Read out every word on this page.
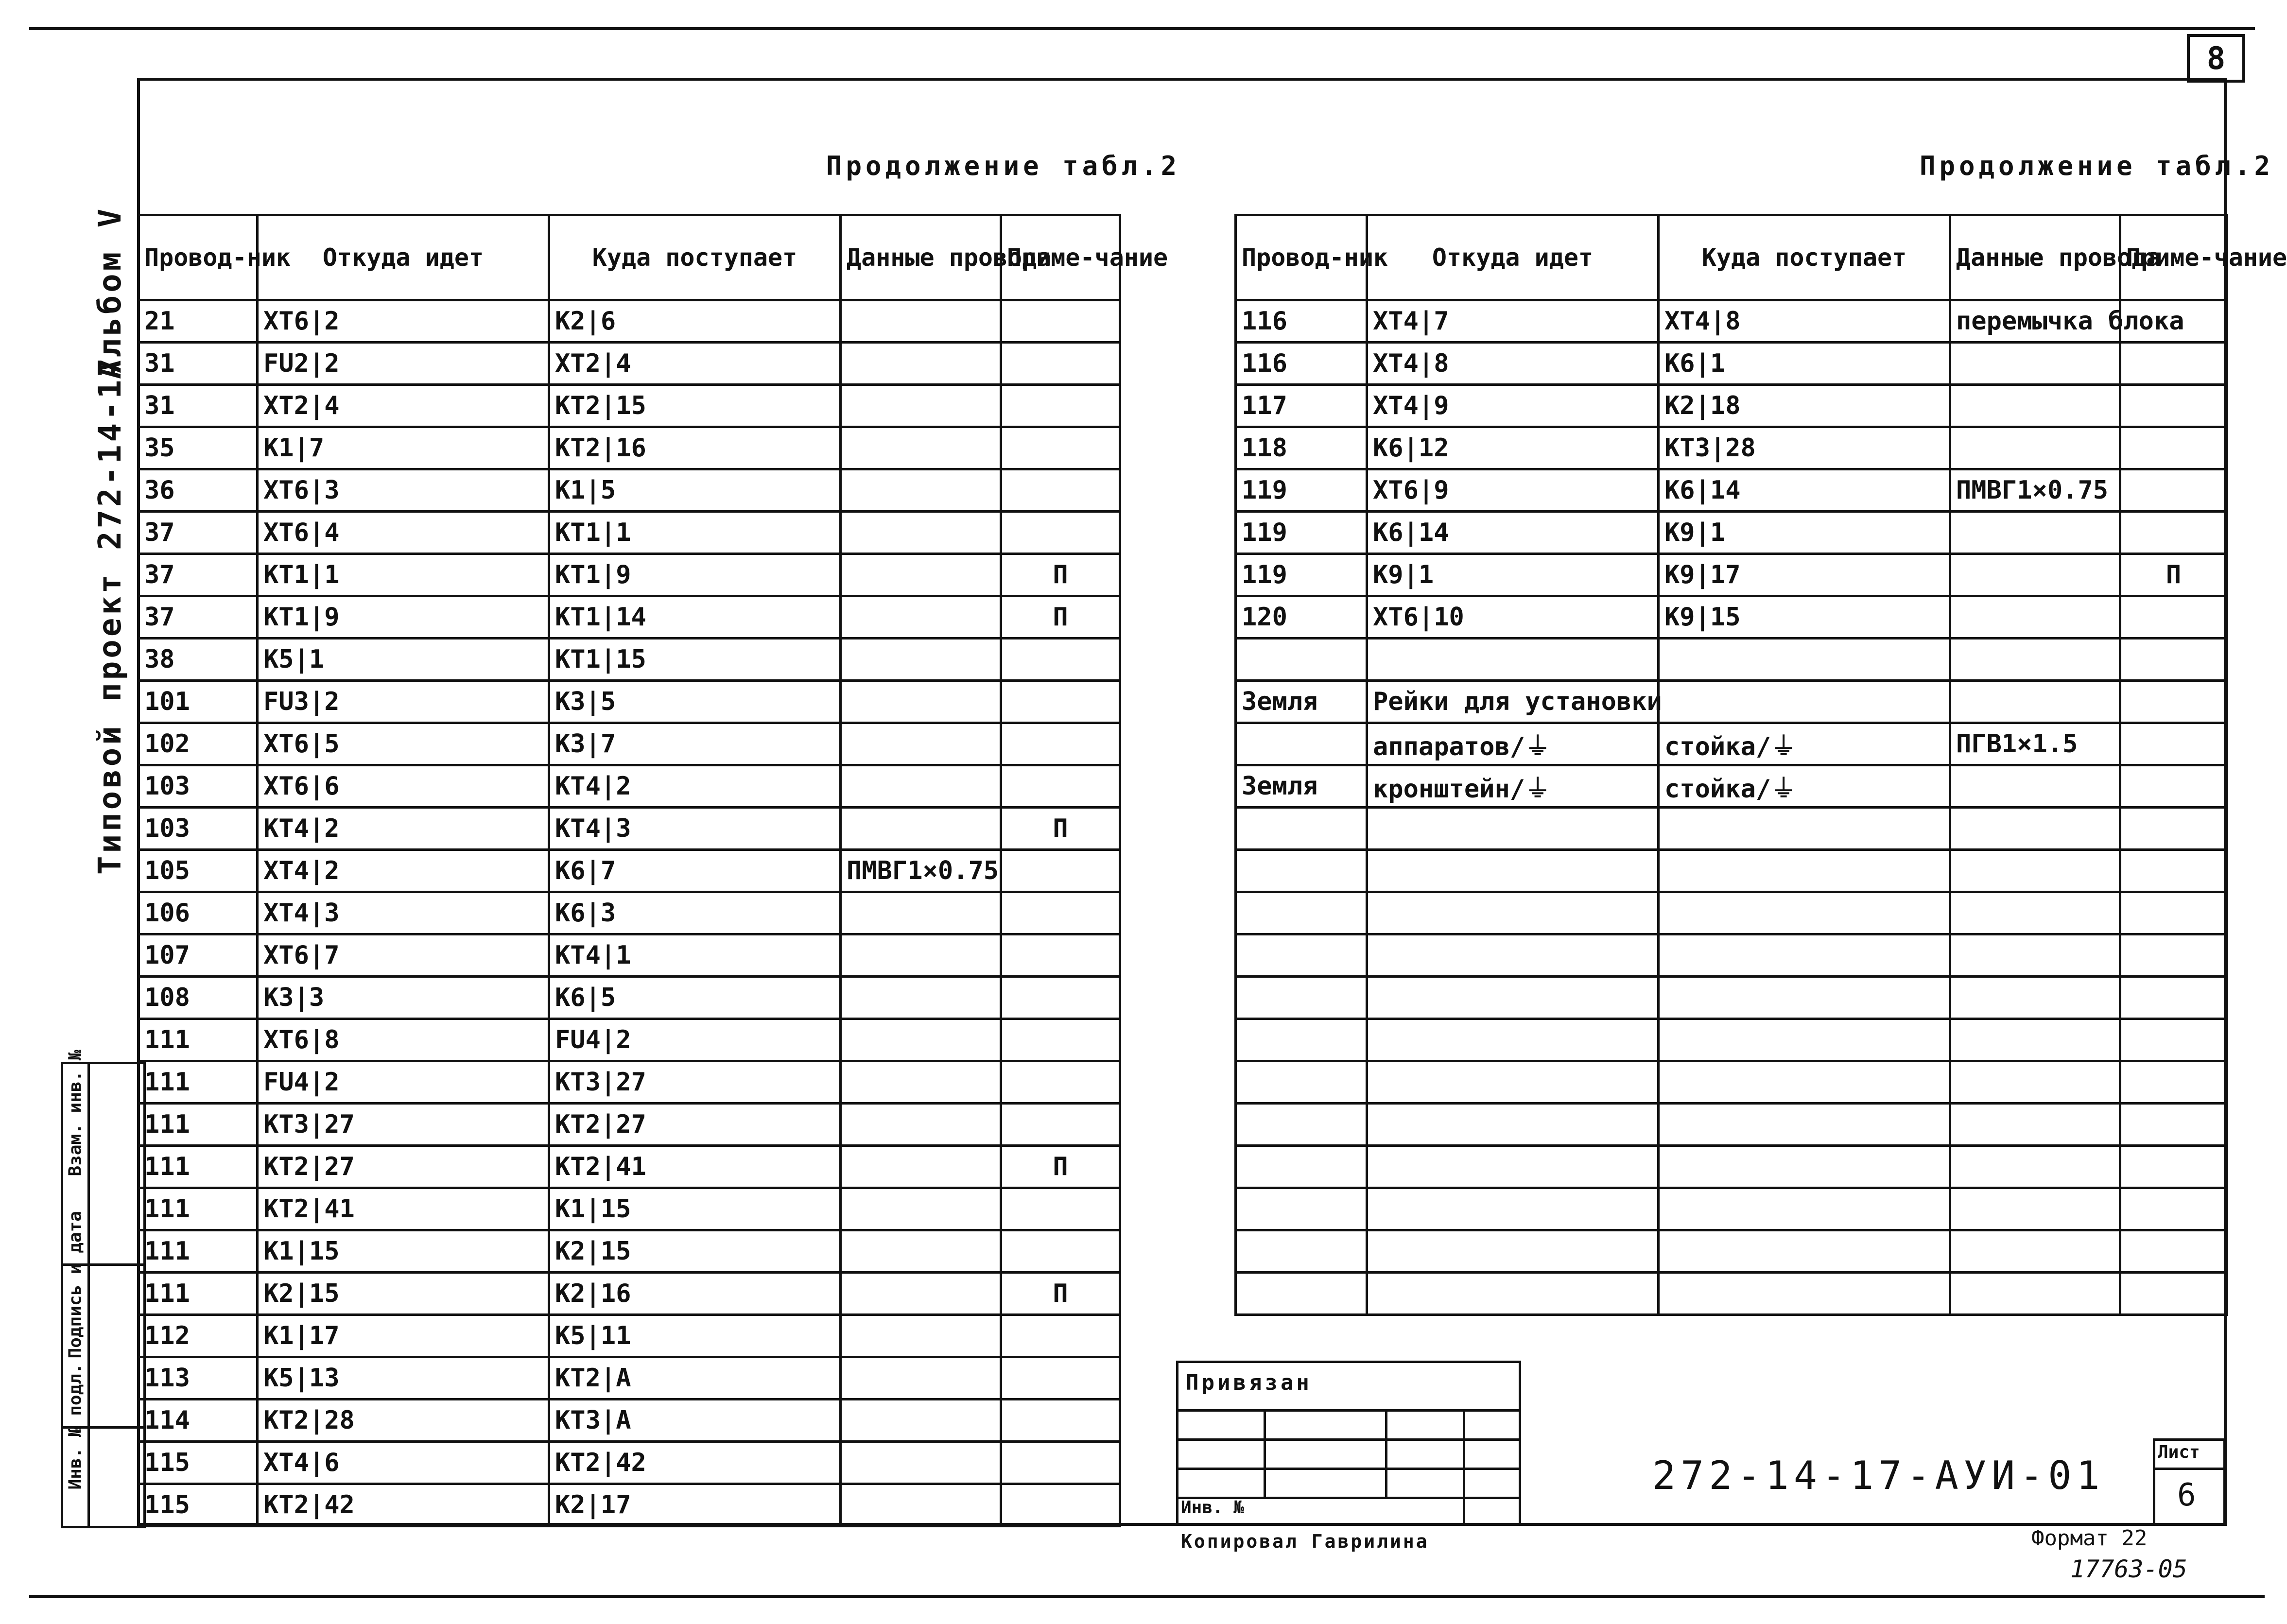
8
Альбом V
Типовой проект 272-14-17
Взам. инв. №	

Подпись и дата	

Инв. № подл.	

Продолжение табл.2	Продолжение табл.2
Провод-ник	Откуда идет	Куда поступает	Данные провода	Приме-чание
21	XT6|2	K2|6		
31	FU2|2	XT2|4		
31	XT2|4	KT2|15		
35	K1|7	KT2|16		
36	XT6|3	K1|5		
37	XT6|4	KT1|1		
37	KT1|1	KT1|9		П
37	KT1|9	KT1|14		П
38	K5|1	KT1|15		
101	FU3|2	K3|5		
102	XT6|5	K3|7		
103	XT6|6	KT4|2		
103	KT4|2	KT4|3		П
105	XT4|2	K6|7	ПМВГ1×0.75	
106	XT4|3	K6|3		
107	XT6|7	KT4|1		
108	K3|3	K6|5		
111	XT6|8	FU4|2		
111	FU4|2	KT3|27		
111	KT3|27	KT2|27		
111	KT2|27	KT2|41		П
111	KT2|41	K1|15		
111	K1|15	K2|15		
111	K2|15	K2|16		П
112	K1|17	K5|11		
113	K5|13	KT2|A		
114	KT2|28	KT3|A		
115	XT4|6	KT2|42		
115	KT2|42	K2|17		
Провод-ник	Откуда идет	Куда поступает	Данные провода	Приме-чание
116	XT4|7	XT4|8	перемычка блока	
116	XT4|8	K6|1		
117	XT4|9	K2|18		
118	K6|12	KT3|28		
119	XT6|9	K6|14	ПМВГ1×0.75	
119	K6|14	K9|1		
119	K9|1	K9|17		П
120	XT6|10	K9|15		

Земля	Рейки для установки			
	аппаратов/⏚	стойка/⏚	ПГВ1×1.5	
Земля	кронштейн/⏚	стойка/⏚		

Привязан
Инв. №
272-14-17-АУИ-01
Лист
6
Копировал Гаврилина	Формат 22
17763-05
